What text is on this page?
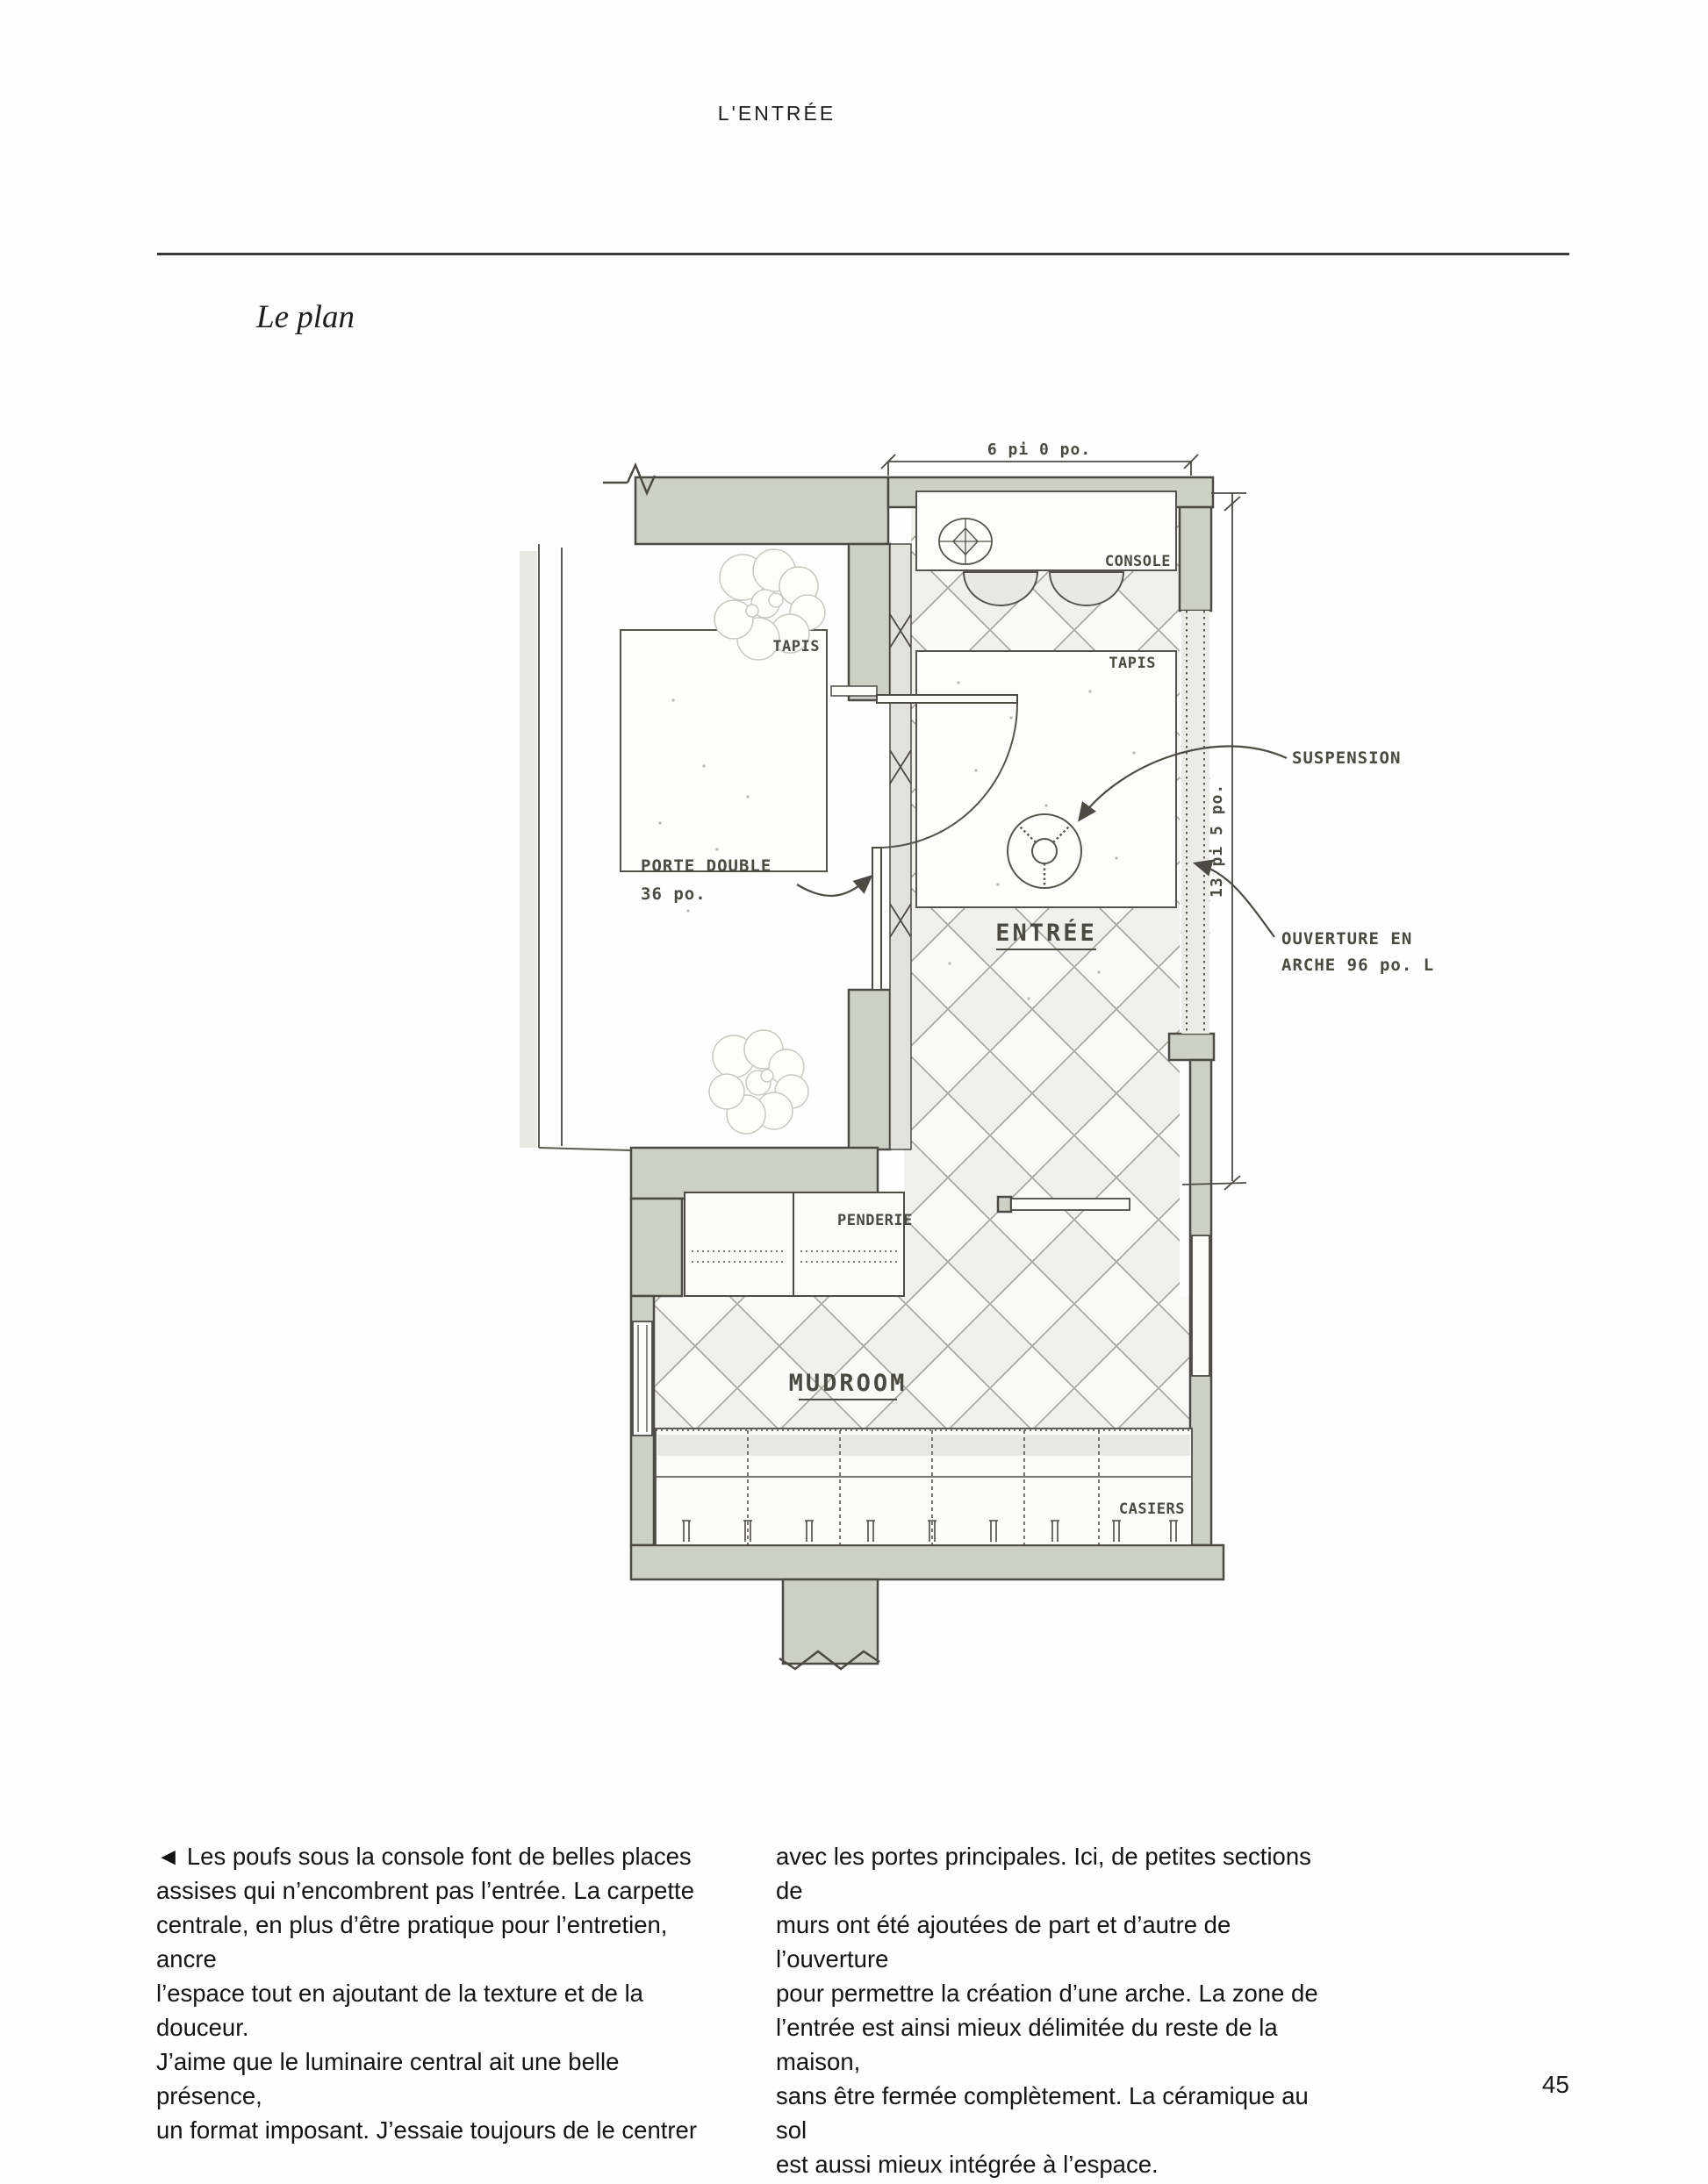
L'ENTRÉE
Le plan
6 pi 0 po.
13 pi 5 po.
CONSOLE
TAPIS
TAPIS
SUSPENSION
PORTE DOUBLE
36 po.
ENTRÉE	OUVERTURE EN
ARCHE 96 po. L
PENDERIE
MUDROOM
CASIERS
◄ Les poufs sous la console font de belles places
assises qui n’encombrent pas l’entrée. La carpette
centrale, en plus d’être pratique pour l’entretien, ancre
l’espace tout en ajoutant de la texture et de la douceur.
J’aime que le luminaire central ait une belle présence,
un format imposant. J’essaie toujours de le centrer
avec les portes principales. Ici, de petites sections de
murs ont été ajoutées de part et d’autre de l’ouverture
pour permettre la création d’une arche. La zone de
l’entrée est ainsi mieux délimitée du reste de la maison,
sans être fermée complètement. La céramique au sol
est aussi mieux intégrée à l’espace.
45
